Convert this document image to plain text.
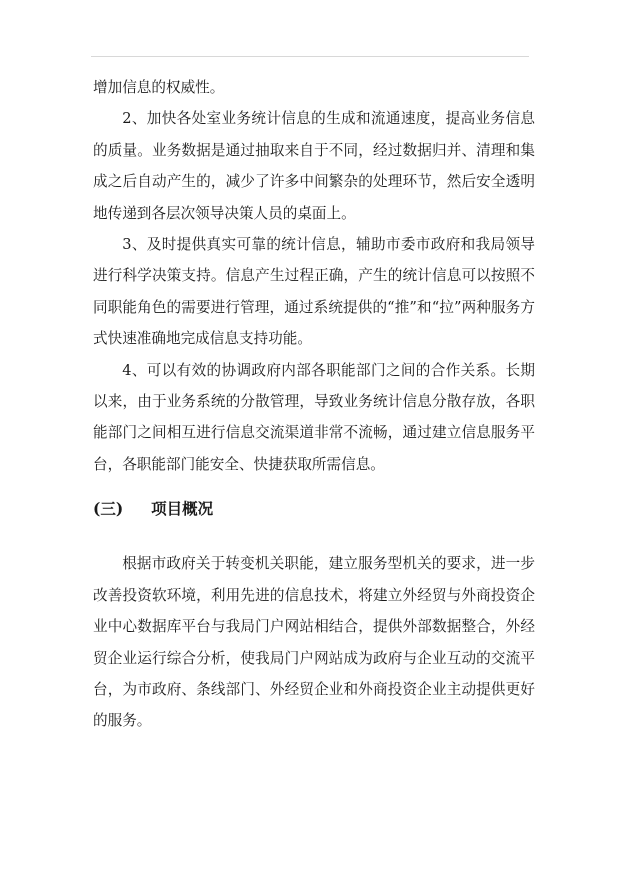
增加信息的权威性。

2、加快各处室业务统计信息的生成和流通速度，提高业务信息的质量。业务数据是通过抽取来自于不同，经过数据归并、清理和集成之后自动产生的，减少了许多中间繁杂的处理环节，然后安全透明地传递到各层次领导决策人员的桌面上。

3、及时提供真实可靠的统计信息，辅助市委市政府和我局领导进行科学决策支持。信息产生过程正确，产生的统计信息可以按照不同职能角色的需要进行管理，通过系统提供的“推”和“拉”两种服务方式快速准确地完成信息支持功能。

4、可以有效的协调政府内部各职能部门之间的合作关系。长期以来，由于业务系统的分散管理，导致业务统计信息分散存放，各职能部门之间相互进行信息交流渠道非常不流畅，通过建立信息服务平台，各职能部门能安全、快捷获取所需信息。

(三) 项目概况

根据市政府关于转变机关职能，建立服务型机关的要求，进一步改善投资软环境，利用先进的信息技术，将建立外经贸与外商投资企业中心数据库平台与我局门户网站相结合，提供外部数据整合，外经贸企业运行综合分析，使我局门户网站成为政府与企业互动的交流平台，为市政府、条线部门、外经贸企业和外商投资企业主动提供更好的服务。
